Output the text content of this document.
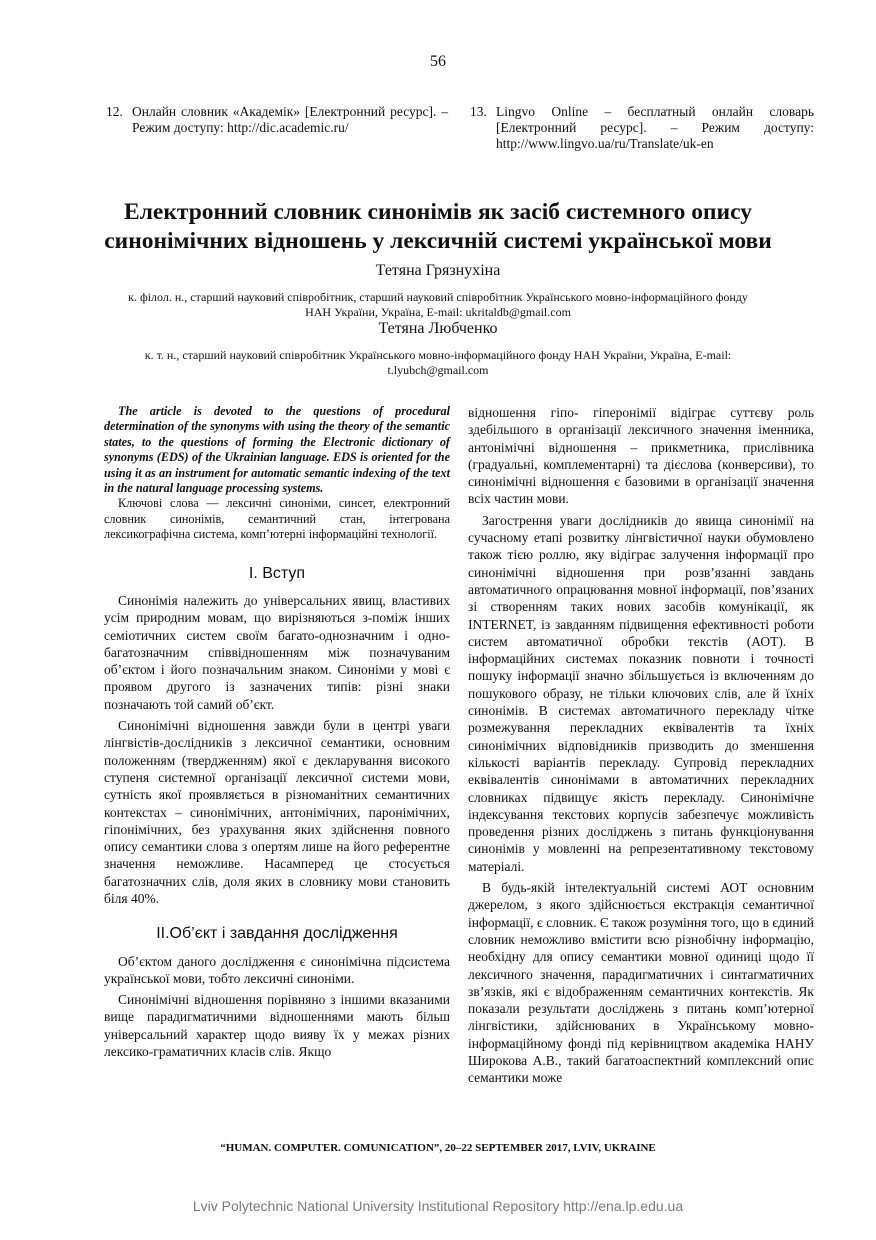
56
12. Онлайн словник «Академік» [Електронний ресурс]. – Режим доступу: http://dic.academic.ru/
13. Lingvo Online – бесплатный онлайн словарь [Електронний ресурс]. – Режим доступу: http://www.lingvo.ua/ru/Translate/uk-en
Електронний словник синонімів як засіб системного опису
синонімічних відношень у лексичній системі української мови
Тетяна Грязнухіна
к. філол. н., старший науковий співробітник, старший науковий співробітник Українського мовно-інформаційного фонду
НАН України, Україна, E-mail: ukritaldb@gmail.com
Тетяна Любченко
к. т. н., старший науковий співробітник Українського мовно-інформаційного фонду НАН України, Україна, E-mail:
t.lyubch@gmail.com

The article is devoted to the questions of procedural determination of the synonyms with using the theory of the semantic states, to the questions of forming the Electronic dictionary of synonyms (EDS) of the Ukrainian language. EDS is oriented for the using it as an instrument for automatic semantic indexing of the text in the natural language processing systems.

Ключові слова — лексичні синоніми, синсет, електронний словник синонімів, семантичний стан, інтегрована лексикографічна система, комп’ютерні інформаційні технології.

I. Вступ

Синонімія належить до універсальних явищ, властивих усім природним мовам, що вирізняються з-поміж інших семіотичних систем своїм багато-однозначним і одно- багатозначним співвідношенням між позначуваним об’єктом і його позначальним знаком. Синоніми у мові є проявом другого із зазначених типів: різні знаки позначають той самий об’єкт.

Синонімічні відношення завжди були в центрі уваги лінгвістів-дослідників з лексичної семантики, основним положенням (твердженням) якої є декларування високого ступеня системної організації лексичної системи мови, сутність якої проявляється в різноманітних семантичних контекстах – синонімічних, антонімічних, паронімічних, гіпонімічних, без урахування яких здійснення повного опису семантики слова з опертям лише на його референтне значення неможливе. Насамперед це стосується багатозначних слів, доля яких в словнику мови становить біля 40%.

II.Об’єкт і завдання дослідження

Об’єктом даного дослідження є синонімічна підсистема української мови, тобто лексичні синоніми.

Синонімічні відношення порівняно з іншими вказаними вище парадигматичними відношеннями мають більш універсальний характер щодо вияву їх у межах різних лексико-граматичних класів слів. Якщо

відношення гіпо- гіперонімії відіграє суттєву роль здебільшого в організації лексичного значення іменника, антонімічні відношення – прикметника, прислівника (градуальні, комплементарні) та дієслова (конверсиви), то синонімічні відношення є базовими в організації значення всіх частин мови.

Загострення уваги дослідників до явища синонімії на сучасному етапі розвитку лінгвістичної науки обумовлено також тією роллю, яку відіграє залучення інформації про синонімічні відношення при розв’язанні завдань автоматичного опрацювання мовної інформації, пов’язаних зі створенням таких нових засобів комунікації, як INTERNET, із завданням підвищення ефективності роботи систем автоматичної обробки текстів (АОТ). В інформаційних системах показник повноти і точності пошуку інформації значно збільшується із включенням до пошукового образу, не тільки ключових слів, але й їхніх синонімів. В системах автоматичного перекладу чітке розмежування перекладних еквівалентів та їхніх синонімічних відповідників призводить до зменшення кількості варіантів перекладу. Супровід перекладних еквівалентів синонімами в автоматичних перекладних словниках підвищує якість перекладу. Синонімічне індексування текстових корпусів забезпечує можливість проведення різних досліджень з питань функціонування синонімів у мовленні на репрезентативному текстовому матеріалі.

В будь-якій інтелектуальній системі АОТ основним джерелом, з якого здійснюється екстракція семантичної інформації, є словник. Є також розуміння того, що в єдиний словник неможливо вмістити всю різнобічну інформацію, необхідну для опису семантики мовної одиниці щодо її лексичного значення, парадигматичних і синтагматичних зв’язків, які є відображенням семантичних контекстів. Як показали результати досліджень з питань комп’ютерної лінгвістики, здійснюваних в Українському мовно-інформаційному фонді під керівництвом академіка НАНУ Широкова А.В., такий багатоаспектний комплексний опис семантики може

“HUMAN. COMPUTER. COMUNICATION”, 20–22 SEPTEMBER 2017, LVIV, UKRAINE
Lviv Polytechnic National University Institutional Repository http://ena.lp.edu.ua
